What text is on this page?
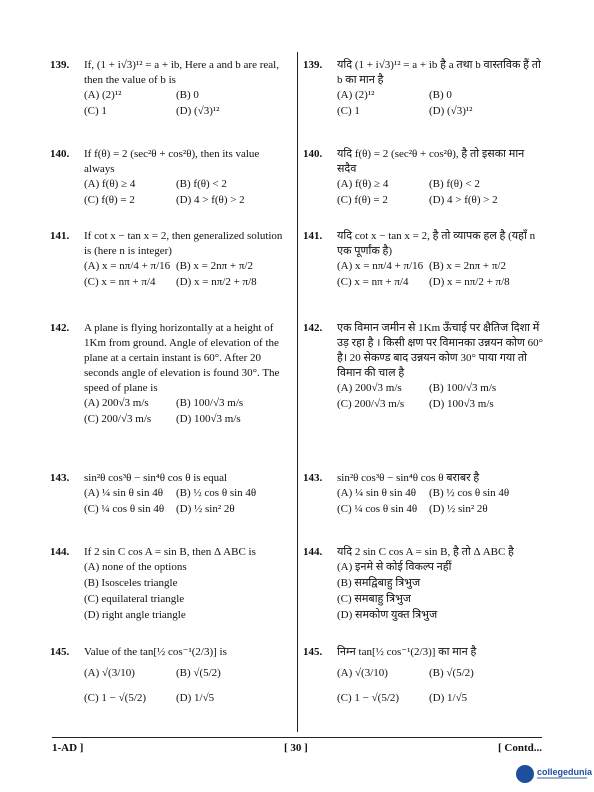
139.	If, (1 + i√3)¹² = a + ib, Here a and b are real, then the value of b is
(A) (2)¹²	(B) 0
(C) 1	(D) (√3)¹²
140.	If f(θ) = 2 (sec²θ + cos²θ), then its value always
(A) f(θ) ≥ 4	(B) f(θ) < 2
(C) f(θ) = 2	(D) 4 > f(θ) > 2
141.	If cot x − tan x = 2, then generalized solution is (here n is integer)
(A) x = nπ/4 + π/16 (B) x = 2nπ + π/2
(C) x = nπ + π/4	(D) x = nπ/2 + π/8
142.	A plane is flying horizontally at a height of 1Km from ground. Angle of elevation of the plane at a certain instant is 60°. After 20 seconds angle of elevation is found 30°. The speed of plane is
(A) 200√3 m/s	(B) 100/√3 m/s
(C) 200/√3 m/s	(D) 100√3 m/s
143.	sin²θ cos³θ − sin⁴θ cos θ is equal
(A) ¼ sin θ sin 4θ	(B) ½ cos θ sin 4θ
(C) ¼ cos θ sin 4θ	(D) ½ sin² 2θ
144.	If 2 sin C cos A = sin B, then Δ ABC is
(A) none of the options
(B) Isosceles triangle
(C) equilateral triangle
(D) right angle triangle
145.	Value of the tan[½ cos⁻¹(2/3)] is
(A) √(3/10)	(B) √(5/2)
(C) 1 − √(5/2)	(D) 1/√5
139.	यदि (1 + i√3)¹² = a + ib है a तथा b वास्तविक हैं तो b का मान है
(A) (2)¹²	(B) 0
(C) 1	(D) (√3)¹²
140.	यदि f(θ) = 2 (sec²θ + cos²θ), है तो इसका मान सदैव
(A) f(θ) ≥ 4	(B) f(θ) < 2
(C) f(θ) = 2	(D) 4 > f(θ) > 2
141.	यदि cot x − tan x = 2, है तो व्यापक हल है (यहाँ n एक पूर्णांक है)
(A) x = nπ/4 + π/16 (B) x = 2nπ + π/2
(C) x = nπ + π/4	(D) x = nπ/2 + π/8
142.	एक विमान जमीन से 1Km ऊँचाई पर क्षैतिज दिशा में उड़ रहा है । किसी क्षण पर विमानका उन्नयन कोण 60° है। 20 सेकण्ड बाद उन्नयन कोण 30° पाया गया तो विमान की चाल है
(A) 200√3 m/s	(B) 100/√3 m/s
(C) 200/√3 m/s	(D) 100√3 m/s
143.	sin²θ cos³θ − sin⁴θ cos θ बराबर है
(A) ¼ sin θ sin 4θ	(B) ½ cos θ sin 4θ
(C) ¼ cos θ sin 4θ	(D) ½ sin² 2θ
144.	यदि 2 sin C cos A = sin B, है तो Δ ABC है
(A) इनमे से कोई विकल्प नहीं
(B) समद्विबाहु त्रिभुज
(C) समबाहु त्रिभुज
(D) समकोण युक्त त्रिभुज
145.	निम्न tan[½ cos⁻¹(2/3)] का मान है
(A) √(3/10)	(B) √(5/2)
(C) 1 − √(5/2)	(D) 1/√5
1-AD ]	[ 30 ]	[ Contd...
collegedunia
